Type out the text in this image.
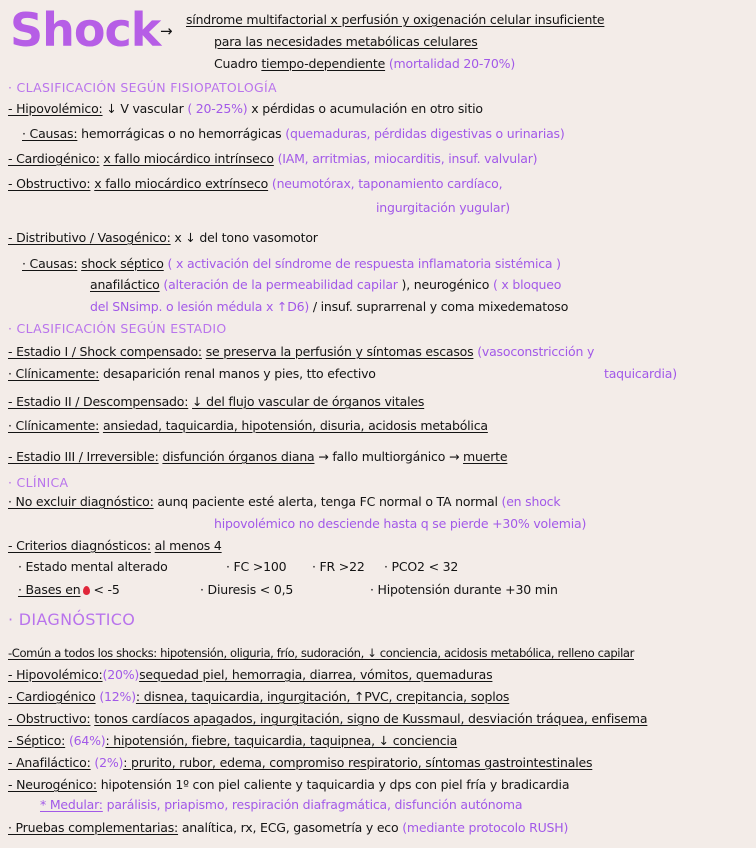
Shock →
síndrome multifactorial x perfusión y oxigenación celular insuficiente
para las necesidades metabólicas celulares
Cuadro tiempo-dependiente (mortalidad 20-70%)
· CLASIFICACIÓN SEGÚN FISIOPATOLOGÍA
- Hipovolémico: ↓ V vascular ( 20-25%) x pérdidas o acumulación en otro sitio
· Causas: hemorrágicas o no hemorrágicas (quemaduras, pérdidas digestivas o urinarias)
- Cardiogénico: x fallo miocárdico intrínseco (IAM, arritmias, miocarditis, insuf. valvular)
- Obstructivo: x fallo miocárdico extrínseco (neumotórax, taponamiento cardíaco,
ingurgitación yugular)
- Distributivo / Vasogénico: x ↓ del tono vasomotor
· Causas: shock séptico ( x activación del síndrome de respuesta inflamatoria sistémica )
anafiláctico (alteración de la permeabilidad capilar ), neurogénico ( x bloqueo
del SNsimp. o lesión médula x ↑D6) / insuf. suprarrenal y coma mixedematoso
· CLASIFICACIÓN SEGÚN ESTADIO
- Estadio I / Shock compensado: se preserva la perfusión y síntomas escasos (vasoconstricción y
· Clínicamente: desaparición renal manos y pies, tto efectivo	taquicardia)
- Estadio II / Descompensado: ↓ del flujo vascular de órganos vitales
· Clínicamente: ansiedad, taquicardia, hipotensión, disuria, acidosis metabólica
- Estadio III / Irreversible: disfunción órganos diana → fallo multiorgánico → muerte
· CLÍNICA
· No excluir diagnóstico: aunq paciente esté alerta, tenga FC normal o TA normal (en shock
hipovolémico no desciende hasta q se pierde +30% volemia)
- Criterios diagnósticos: al menos 4
· Estado mental alterado	· FC >100 · FR >22 · PCO2 < 32
· Bases en < -5	· Diuresis < 0,5	· Hipotensión durante +30 min
· DIAGNÓSTICO
-Común a todos los shocks: hipotensión, oliguria, frío, sudoración, ↓ conciencia, acidosis metabólica, relleno capilar
- Hipovolémico:(20%)sequedad piel, hemorragia, diarrea, vómitos, quemaduras
- Cardiogénico (12%): disnea, taquicardia, ingurgitación, ↑PVC, crepitancia, soplos
- Obstructivo: tonos cardíacos apagados, ingurgitación, signo de Kussmaul, desviación tráquea, enfisema
- Séptico: (64%): hipotensión, fiebre, taquicardia, taquipnea, ↓ conciencia
- Anafiláctico: (2%): prurito, rubor, edema, compromiso respiratorio, síntomas gastrointestinales
- Neurogénico: hipotensión 1º con piel caliente y taquicardia y dps con piel fría y bradicardia
* Medular: parálisis, priapismo, respiración diafragmática, disfunción autónoma
· Pruebas complementarias: analítica, rx, ECG, gasometría y eco (mediante protocolo RUSH)
